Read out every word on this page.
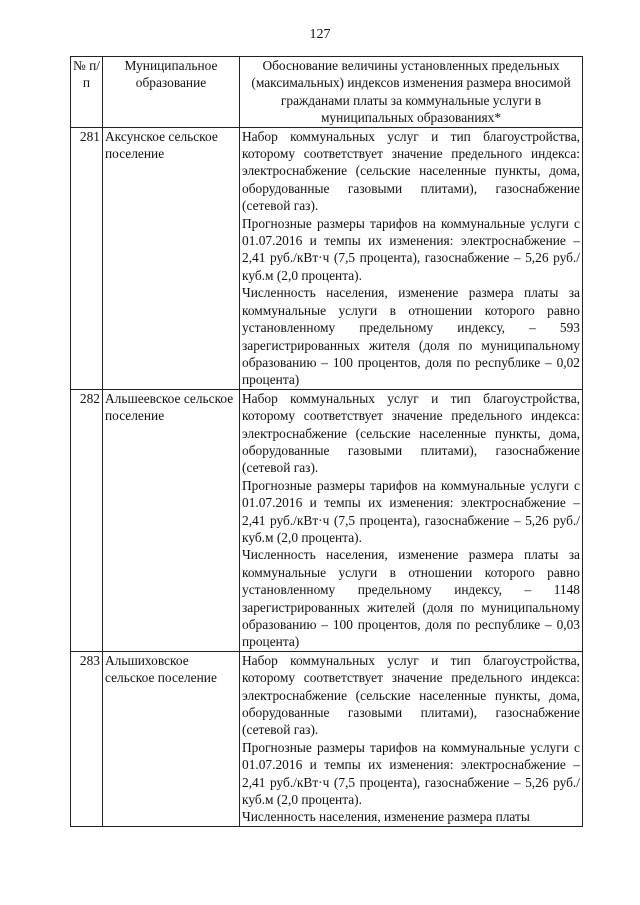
127
№ п/п	Муниципальное образование	Обоснование величины установленных предельных (максимальных) индексов изменения размера вносимой гражданами платы за коммунальные услуги в муниципальных образованиях*
281	Аксунское сельское поселение	Набор коммунальных услуг и тип благоустройства, которому соответствует значение предельного индекса: электроснабжение (сельские населенные пункты, дома, оборудованные газовыми плитами), газоснабжение (сетевой газ).

Прогнозные размеры тарифов на коммунальные услуги с 01.07.2016 и темпы их изменения: электроснабжение – 2,41 руб./кВт·ч (7,5 процента), газоснабжение – 5,26 руб./куб.м (2,0 процента).

Численность населения, изменение размера платы за коммунальные услуги в отношении которого равно установленному предельному индексу, – 593 зарегистрированных жителя (доля по муниципальному образованию – 100 процентов, доля по республике – 0,02 процента)

282	Альшеевское сельское поселение	Набор коммунальных услуг и тип благоустройства, которому соответствует значение предельного индекса: электроснабжение (сельские населенные пункты, дома, оборудованные газовыми плитами), газоснабжение (сетевой газ).

Прогнозные размеры тарифов на коммунальные услуги с 01.07.2016 и темпы их изменения: электроснабжение – 2,41 руб./кВт·ч (7,5 процента), газоснабжение – 5,26 руб./куб.м (2,0 процента).

Численность населения, изменение размера платы за коммунальные услуги в отношении которого равно установленному предельному индексу, – 1148 зарегистрированных жителей (доля по муниципальному образованию – 100 процентов, доля по республике – 0,03 процента)

283	Альшиховское сельское поселение	Набор коммунальных услуг и тип благоустройства, которому соответствует значение предельного индекса: электроснабжение (сельские населенные пункты, дома, оборудованные газовыми плитами), газоснабжение (сетевой газ).

Прогнозные размеры тарифов на коммунальные услуги с 01.07.2016 и темпы их изменения: электроснабжение – 2,41 руб./кВт·ч (7,5 процента), газоснабжение – 5,26 руб./куб.м (2,0 процента).

Численность населения, изменение размера платы
